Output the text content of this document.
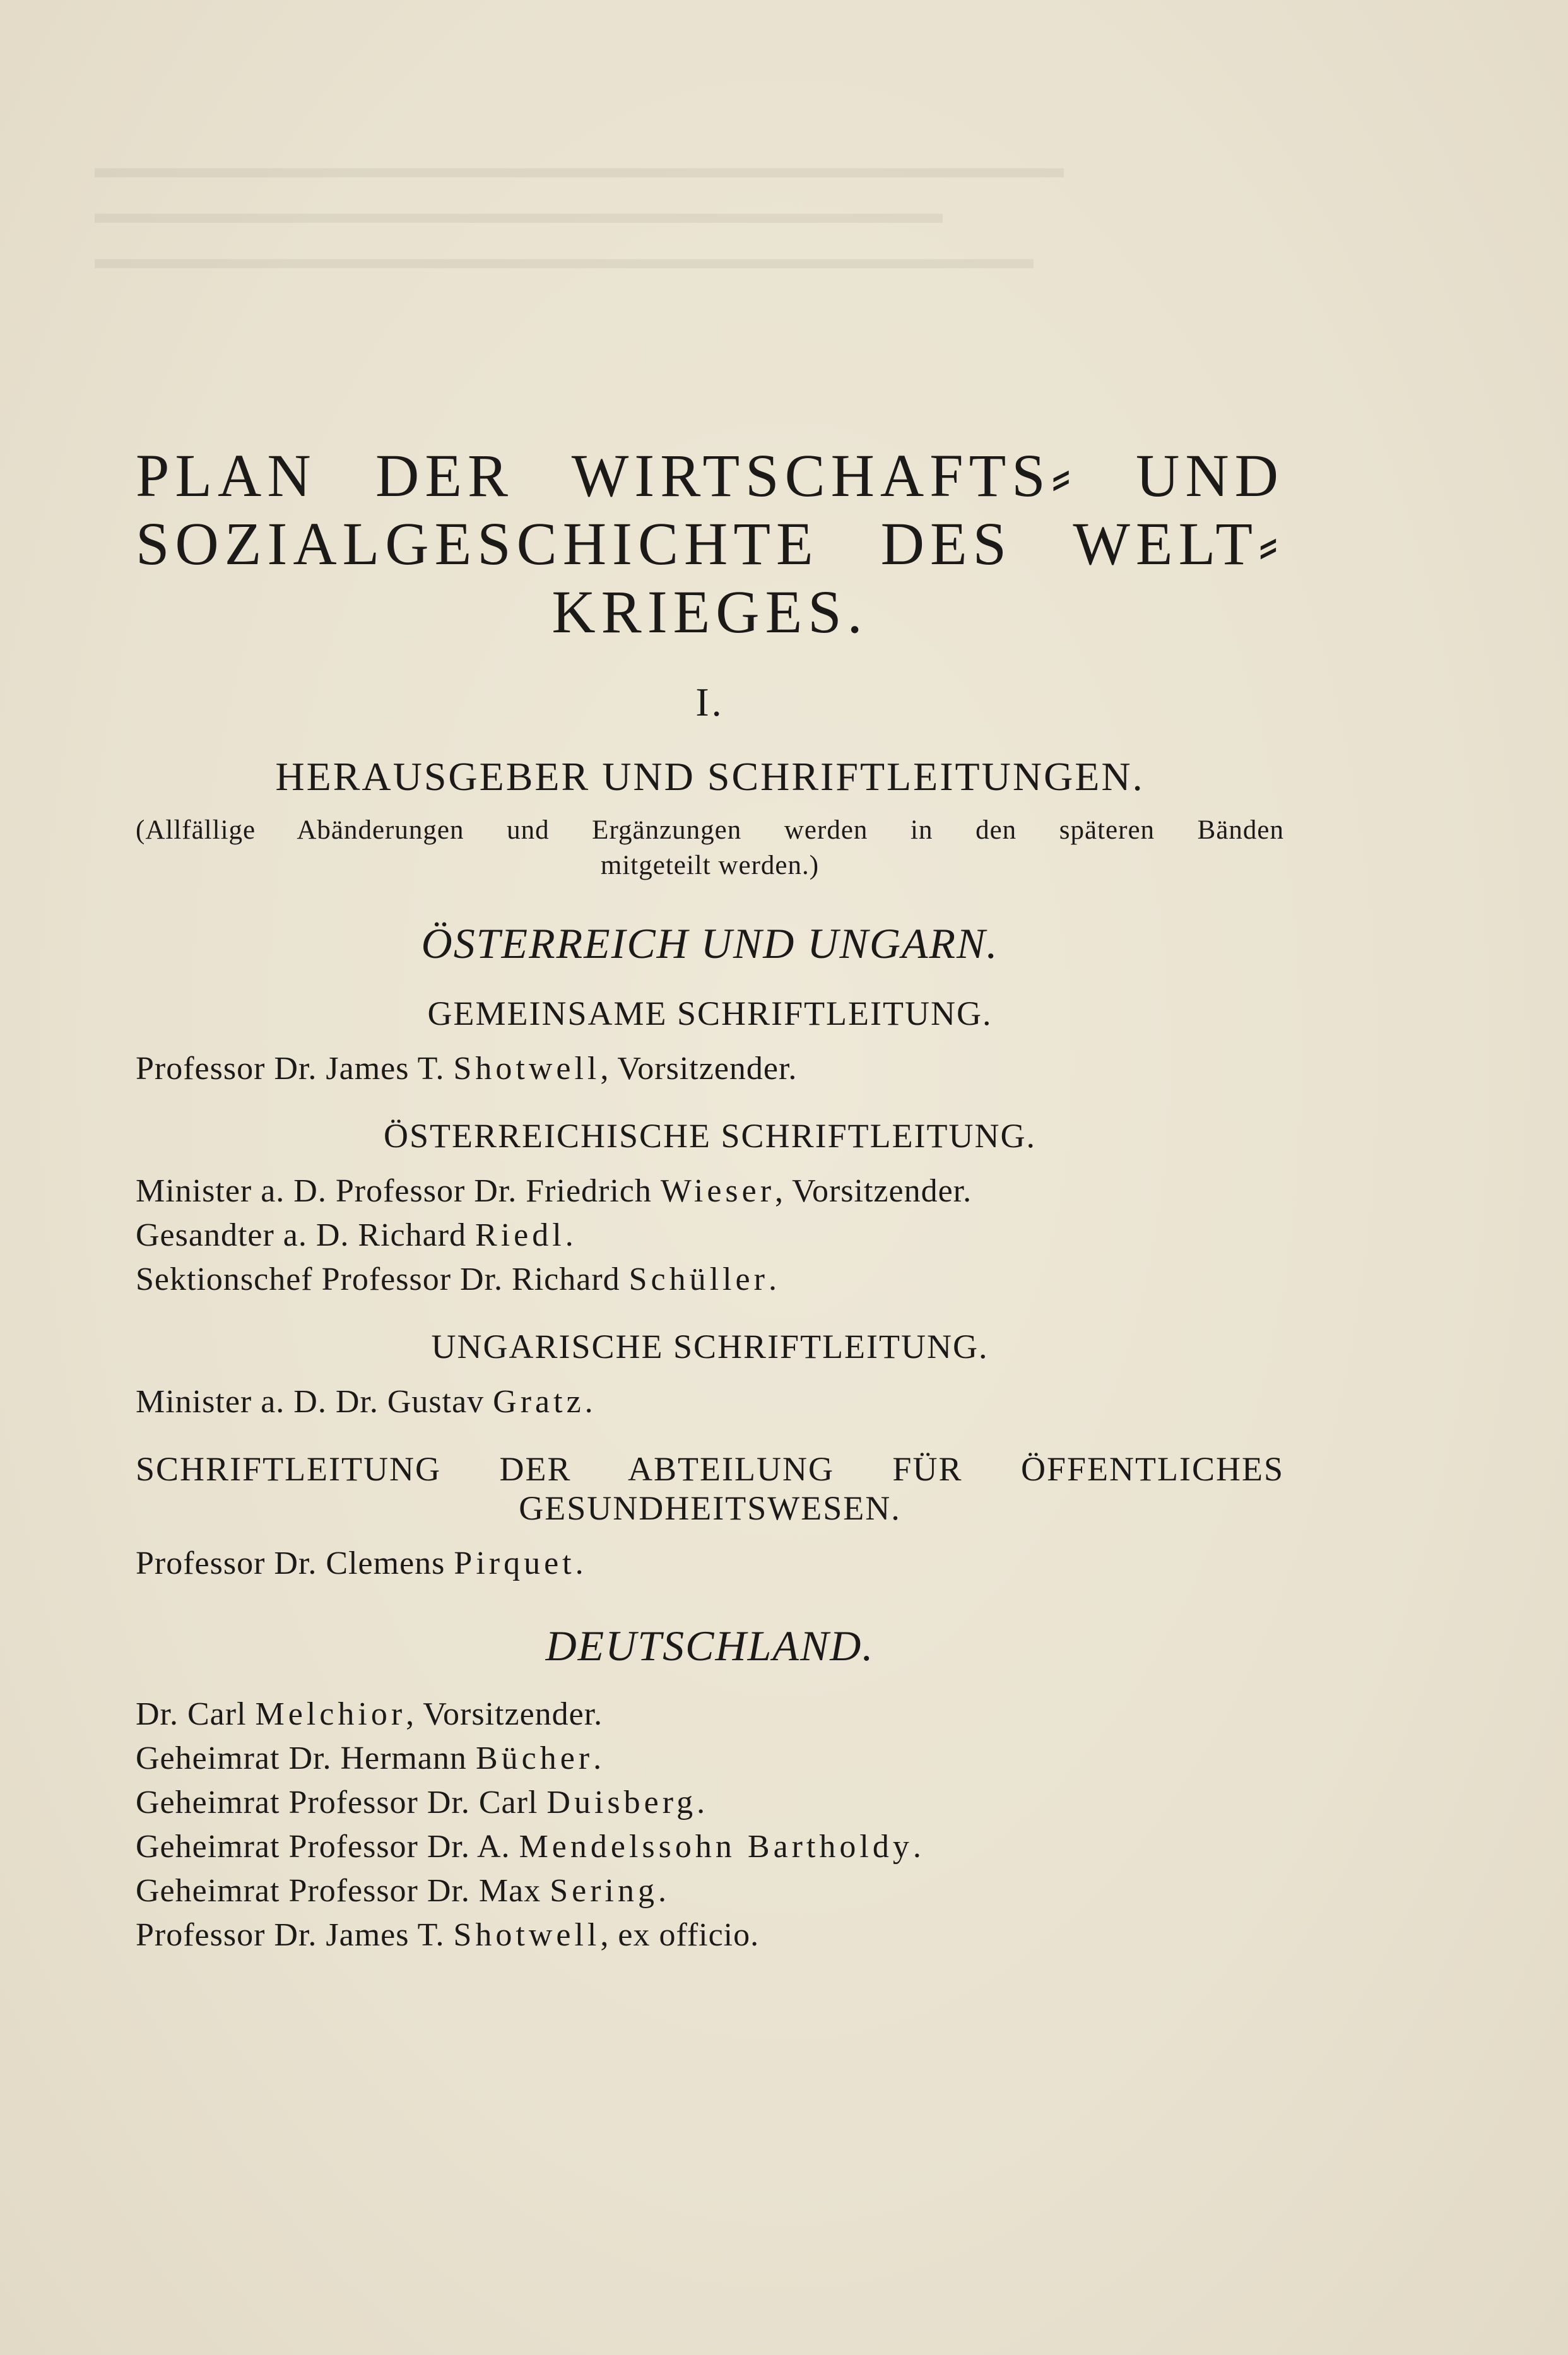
▬▬▬▬▬▬▬▬▬▬▬▬▬▬▬▬▬▬▬▬▬▬▬▬▬▬▬▬▬▬▬▬
▬▬▬▬▬▬▬▬▬▬▬▬▬▬▬▬▬▬▬▬▬▬▬▬▬▬▬▬
▬▬▬▬▬▬▬▬▬▬▬▬▬▬▬▬▬▬▬▬▬▬▬▬▬▬▬▬▬▬▬
PLAN DER WIRTSCHAFTS⸗ UND
SOZIALGESCHICHTE DES WELT⸗
KRIEGES.
I.
HERAUSGEBER UND SCHRIFTLEITUNGEN.
(Allfällige Abänderungen und Ergänzungen werden in den späteren Bänden
mitgeteilt werden.)
ÖSTERREICH UND UNGARN.
GEMEINSAME SCHRIFTLEITUNG.
Professor Dr. James T. Shotwell, Vorsitzender.
ÖSTERREICHISCHE SCHRIFTLEITUNG.
Minister a. D. Professor Dr. Friedrich Wieser, Vorsitzender.
Gesandter a. D. Richard Riedl.
Sektionschef Professor Dr. Richard Schüller.
UNGARISCHE SCHRIFTLEITUNG.
Minister a. D. Dr. Gustav Gratz.
SCHRIFTLEITUNG DER ABTEILUNG FÜR ÖFFENTLICHES
GESUNDHEITSWESEN.
Professor Dr. Clemens Pirquet.
DEUTSCHLAND.
Dr. Carl Melchior, Vorsitzender.
Geheimrat Dr. Hermann Bücher.
Geheimrat Professor Dr. Carl Duisberg.
Geheimrat Professor Dr. A. Mendelssohn Bartholdy.
Geheimrat Professor Dr. Max Sering.
Professor Dr. James T. Shotwell, ex officio.
